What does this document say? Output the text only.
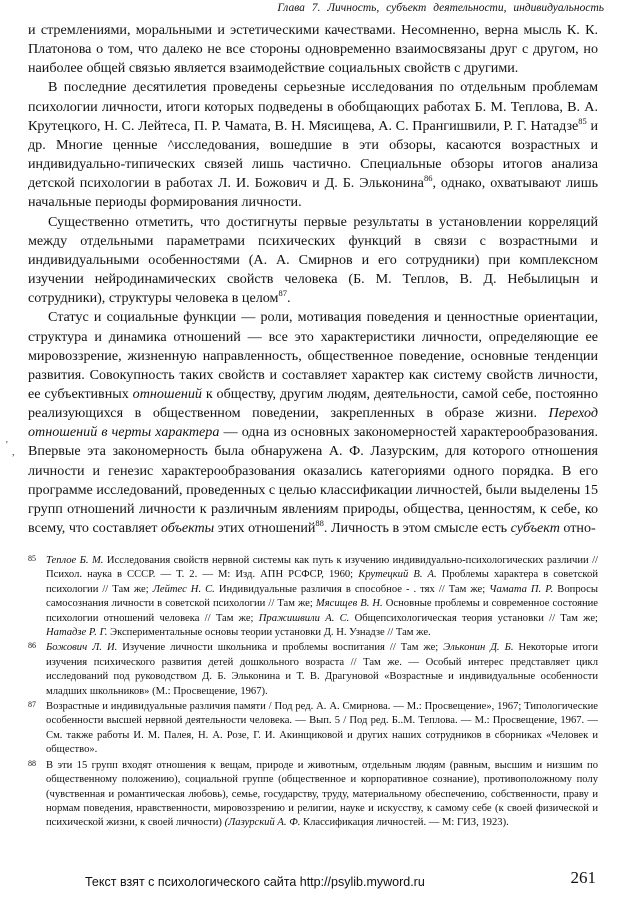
Глава 7. Личность, субъект деятельности, индивидуальность
'
,

и стремлениями, моральными и эстетическими качествами. Несомненно, верна мысль К. К. Платонова о том, что далеко не все стороны одновременно взаимосвязаны друг с другом, но наиболее общей связью является взаимодействие социальных свойств с другими.

В последние десятилетия проведены серьезные исследования по отдельным проблемам психологии личности, итоги которых подведены в обобщающих работах Б. М. Теплова, В. А. Крутецкого, Н. С. Лейтеса, П. Р. Чамата, В. Н. Мясищева, А. С. Прангишвили, Р. Г. Натадзе$^{85}$ и др. Многие ценные ^исследования, вошедшие в эти обзоры, касаются возрастных и индивидуально-типических связей лишь частично. Специальные обзоры итогов анализа детской психологии в работах Л. И. Божович и Д. Б. Эльконина$^{86}$, однако, охватывают лишь начальные периоды формирования личности.

Существенно отметить, что достигнуты первые результаты в установлении корреляций между отдельными параметрами психических функций в связи с возрастными и индивидуальными особенностями (А. А. Смирнов и его сотрудники) при комплексном изучении нейродинамических свойств человека (Б. М. Теплов, В. Д. Небылицын и сотрудники), структуры человека в целом$^{87}$.

Статус и социальные функции — роли, мотивация поведения и ценностные ориентации, структура и динамика отношений — все это характеристики личности, определяющие ее мировоззрение, жизненную направленность, общественное поведение, основные тенденции развития. Совокупность таких свойств и составляет характер как систему свойств личности, ее субъективных отношений к обществу, другим людям, деятельности, самой себе, постоянно реализующихся в общественном поведении, закрепленных в образе жизни. Переход отношений в черты характера — одна из основных закономерностей характерообразования. Впервые эта закономерность была обнаружена А. Ф. Лазурским, для которого отношения личности и генезис характерообразования оказались категориями одного порядка. В его программе исследований, проведенных с целью классификации личностей, были выделены 15 групп отношений личности к различным явлениям природы, общества, ценностям, к себе, ко всему, что составляет объекты этих отношений$^{88}$. Личность в этом смысле есть субъект отно-

85 Теплое Б. М. Исследования свойств нервной системы как путь к изучению индивидуально-психологических различии // Психол. наука в СССР. — Т. 2. — М: Изд. АПН РСФСР, 1960; Крутецкий В. А. Проблемы характера в советской психологии // Там же; Лейтес Н. С. Индивидуальные различия в способное - . тях // Там же; Чамата П. Р. Вопросы самосознания личности в советской психологии // Там же; Мясищев В. Н. Основные проблемы и современное состояние психологии отношений человека // Там же; Пражишвили А. С. Общепсихологическая теория установки // Там же; Натадзе Р. Г. Экспериментальные основы теории установки Д. Н. Узнадзе // Там же.
86 Божович Л. И. Изучение личности школьника и проблемы воспитания // Там же; Эльконин Д. Б. Некоторые итоги изучения психического развития детей дошкольного возраста // Там же. — Особый интерес представляет цикл исследований под руководством Д. Б. Эльконина и Т. В. Драгуновой «Возрастные и индивидуальные особенности младших школьников» (М.: Просвещение, 1967).
87 Возрастные и индивидуальные различия памяти / Под ред. А. А. Смирнова. — М.: Просвещение», 1967; Типологические особенности высшей нервной деятельности человека. — Вып. 5 / Под ред. Б..М. Теплова. — М.: Просвещение, 1967. — См. также работы И. М. Палея, Н. А. Розе, Г. И. Акинщиковой и других наших сотрудников в сборниках «Человек и общество».
88 В эти 15 групп входят отношения к вещам, природе и животным, отдельным людям (равным, высшим и низшим по общественному положению), социальной группе (общественное и корпоративное сознание), противоположному полу (чувственная и романтическая любовь), семье, государству, труду, материальному обеспечению, собственности, праву и нормам поведения, нравственности, мировоззрению и религии, науке и искусству, к самому себе (к своей физической и психической жизни, к своей личности) (Лазурский А. Ф. Классификация личностей. — М: ГИЗ, 1923).
Текст взят с психологического сайта http://psylib.myword.ru	261
